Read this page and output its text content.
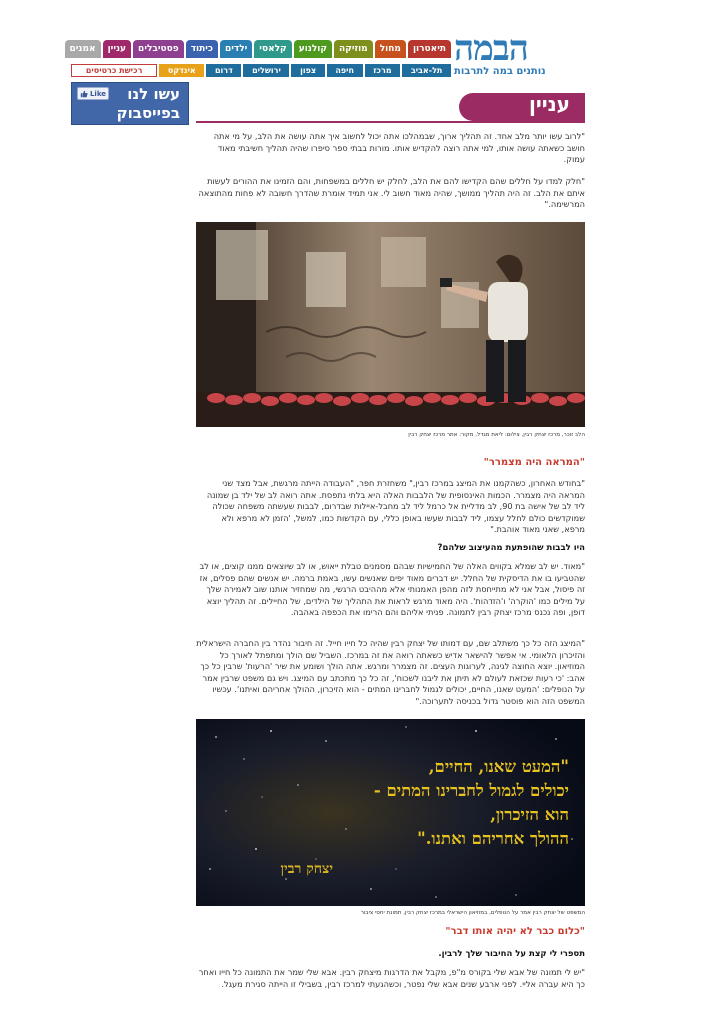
הבמה
נותנים במה לתרבות
תיאטרון
מחול
מוזיקה
קולנוע
קלאסי
ילדים
כיתוד
פסטיבלים
עניין
אמנים
תל-אביב
מרכז
חיפה
צפון
ירושלים
דרום
אינדקס
רכישת כרטיסים
Like עשו לנו
בפייסבוק	עניין
"לרוב עשו יותר מלב אחד. זה תהליך ארוך, שבמהלכו אתה יכול לחשוב איך אתה עושה את הלב, על מי אתה חושב כשאתה עושה אותו, למי אתה רוצה להקדיש אותו. מורות בבתי ספר סיפרו שהיה תהליך חשיבתי מאוד עמוק.
"חלק למדו על חללים שהם הקדישו להם את הלב, לחלק יש חללים במשפחות, והם הזמינו את ההורים לעשות איתם את הלב. זה היה תהליך ממושך, שהיה מאוד חשוב לי. אני תמיד אומרת שהדרך חשובה לא פחות מהתוצאה המרשימה."
הלב זוכר, מרכז יצחק רבין, צילום: ליאת מגדל, מקור: אתר מרכז יצחק רבין
"המראה היה מצמרר"
"בחודש האחרון, כשהקמנו את המיצג במרכז רבין," משחזרת חפר, "העבודה הייתה מרגשת, אבל מצד שני המראה היה מצמרר. הכמות האינסופית של הלבבות האלה היא בלתי נתפסת. אתה רואה לב של ילד בן שמונה ליד לב של אישה בת 90, לב מדליית אל כרמל ליד לב מחבל-איילות שבדרום, לבבות שעשתה משפחה שכולה שמוקדשים כולם לחלל עצמו, ליד לבבות שעשו באופן כללי, עם הקדשות כמו, למשל, 'הזמן לא מרפא ולא מרפא, שאני מאוד אוהבת."
היו לבבות שהופתעת מהעיצוב שלהם?
"מאוד. יש לב שמלא בקווים האלה של החמישיות שבהם מסמנים טבלת ייאוש, או לב שיוצאים ממנו קוצים, או לב שהטביעו בו את הדיסקית של החלל. יש דברים מאוד יפים שאנשים עשו, באמת ברמה. יש אנשים שהם פסלים, אז זה פיסול, אבל אני לא מתייחסת לזה מהפן האמנותי אלא מההיבט הרגשי, מה שמחזיר אותנו שוב לאמירה שלך על מילים כמו 'הוקרה' ו'הזדהות'. היה מאוד מרגש לראות את התהליך של הילדים, של החיילים. זה תהליך יוצא דופן, ופה נכנס מרכז יצחק רבין לתמונה. פניתי אליהם והם הרימו את הכפפה באהבה.
"המיצג הזה כל כך משתלב שם, עם דמותו של יצחק רבין שהיה כל חייו חייל. זה חיבור נהדר בין החברה הישראלית והזיכרון הלאומי. אי אפשר להישאר אדיש כשאתה רואה את זה במרכז. השביל שם הולך ומתפתל לאורך כל המוזיאון. יוצא החוצה לגינה, לערוגות העצים. זה מצמרר ומרגש. אתה הולך ושומע את שיר 'הרעות' שרבין כל כך אהב: 'כי רעות שכזאת לעולם לא תיתן את ליבנו לשכוח', זה כל כך מתכתב עם המיצג. ויש גם משפט שרבין אמר על הנופלים: 'המעט שאנו, החיים, יכולים לגמול לחברינו המתים - הוא הזיכרון, ההולך אחריהם ואיתנו'. עכשיו המשפט הזה הוא פוסטר גדול בכניסה לתערוכה."
"המעט שאנו, החיים,
יכולים לגמול לחברינו המתים -
הוא הזיכרון,
ההולך אחריהם ואתנו."
יצחק רבין
המשפט של יצחק רבין אמר על הנופלים, במוזיאון הישראלי במרכז יצחק רבין, תמונת יחסי ציבור
"כלום כבר לא יהיה אותו דבר"
תספרי לי קצת על החיבור שלך לרבין.
"יש לי תמונה של אבא שלי בקורס מ"פ, מקבל את הדרגות מיצחק רבין. אבא שלי שמר את התמונה כל חייו ואחר כך היא עברה אליי. לפני ארבע שנים אבא שלי נפטר, וכשהגעתי למרכז רבין, בשבילי זו הייתה סגירת מעגל.
